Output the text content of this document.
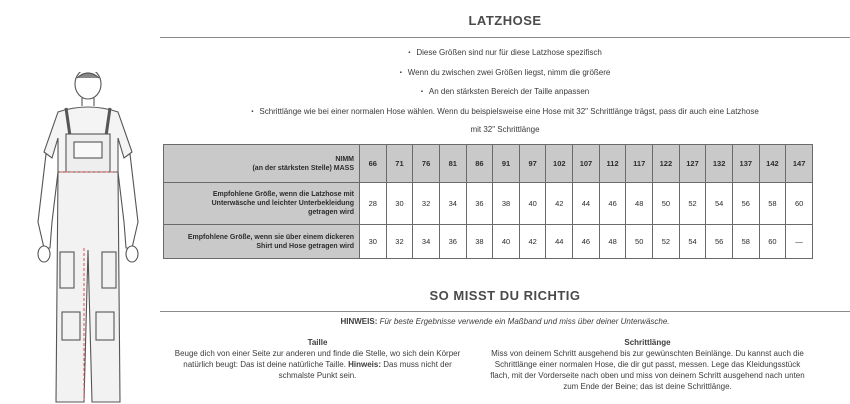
LATZHOSE
▪ Diese Größen sind nur für diese Latzhose spezifisch
▪ Wenn du zwischen zwei Größen liegst, nimm die größere
▪ An den stärksten Bereich der Taille anpassen
▪ Schrittlänge wie bei einer normalen Hose wählen. Wenn du beispielsweise eine Hose mit 32" Schrittlänge trägst, pass dir auch eine Latzhose
mit 32" Schrittlänge
NIMM
(an der stärksten Stelle) MASS	66	71	76	81	86	91	97	102	107	112	117	122	127	132	137	142	147

Empfohlene Größe, wenn die Latzhose mit
Unterwäsche und leichter Unterbekleidung
getragen wird	28	30	32	34	36	38	40	42	44	46	48	50	52	54	56	58	60

Empfohlene Größe, wenn sie über einem dickeren
Shirt und Hose getragen wird	30	32	34	36	38	40	42	44	46	48	50	52	54	56	58	60	—
SO MISST DU RICHTIG
HINWEIS: Für beste Ergebnisse verwende ein Maßband und miss über deiner Unterwäsche.
Taille
Beuge dich von einer Seite zur anderen und finde die Stelle, wo sich dein Körper natürlich beugt: Das ist deine natürliche Taille. Hinweis: Das muss nicht der schmalste Punkt sein.
Schrittlänge
Miss von deinem Schritt ausgehend bis zur gewünschten Beinlänge. Du kannst auch die Schrittlänge einer normalen Hose, die dir gut passt, messen. Lege das Kleidungsstück flach, mit der Vorderseite nach oben und miss von deinem Schritt ausgehend nach unten zum Ende der Beine; das ist deine Schrittlänge.
